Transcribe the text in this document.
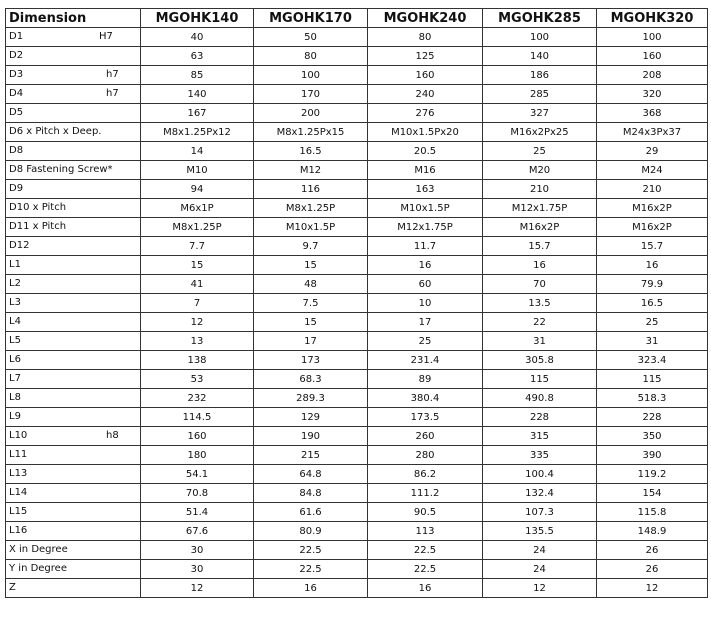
Dimension	MGOHK140	MGOHK170	MGOHK240	MGOHK285	MGOHK320

D1 H7	40	50	80	100	100

D2	63	80	125	140	160

D3 h7	85	100	160	186	208

D4 h7	140	170	240	285	320

D5	167	200	276	327	368

D6 x Pitch x Deep.	M8x1.25Px12	M8x1.25Px15	M10x1.5Px20	M16x2Px25	M24x3Px37

D8	14	16.5	20.5	25	29

D8 Fastening Screw*	M10	M12	M16	M20	M24

D9	94	116	163	210	210

D10 x Pitch	M6x1P	M8x1.25P	M10x1.5P	M12x1.75P	M16x2P

D11 x Pitch	M8x1.25P	M10x1.5P	M12x1.75P	M16x2P	M16x2P

D12	7.7	9.7	11.7	15.7	15.7

L1	15	15	16	16	16

L2	41	48	60	70	79.9

L3	7	7.5	10	13.5	16.5

L4	12	15	17	22	25

L5	13	17	25	31	31

L6	138	173	231.4	305.8	323.4

L7	53	68.3	89	115	115

L8	232	289.3	380.4	490.8	518.3

L9	114.5	129	173.5	228	228

L10 h8	160	190	260	315	350

L11	180	215	280	335	390

L13	54.1	64.8	86.2	100.4	119.2

L14	70.8	84.8	111.2	132.4	154

L15	51.4	61.6	90.5	107.3	115.8

L16	67.6	80.9	113	135.5	148.9

X in Degree	30	22.5	22.5	24	26

Y in Degree	30	22.5	22.5	24	26

Z	12	16	16	12	12
